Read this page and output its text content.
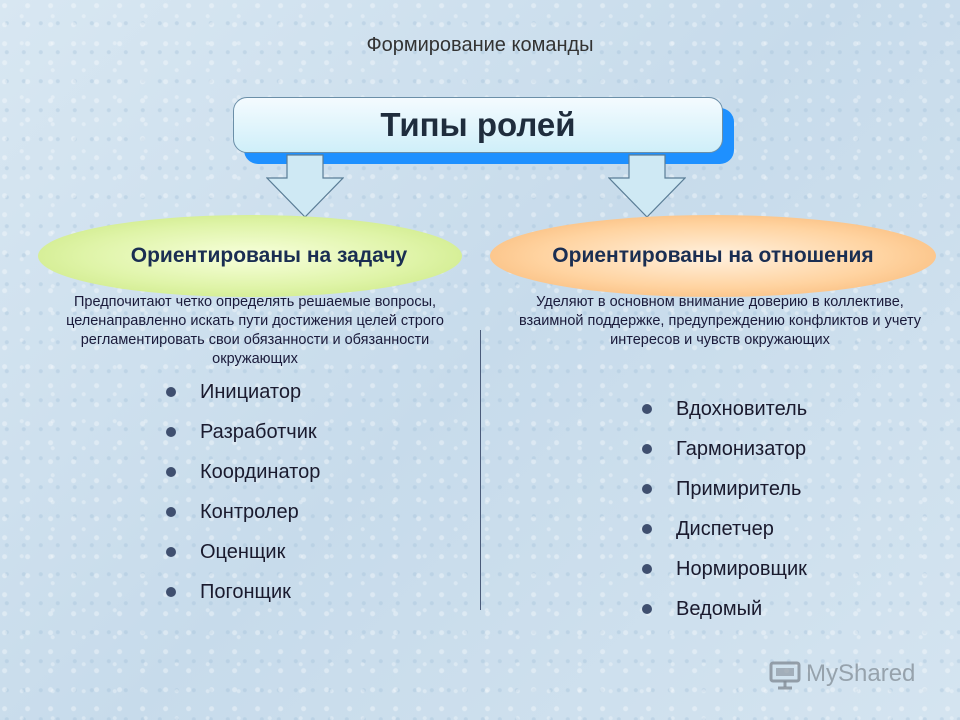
Формирование команды
Типы ролей
Ориентированы на задачу	Ориентированы на отношения
Предпочитают четко определять решаемые вопросы, целенаправленно искать пути достижения целей строго регламентировать свои обязанности и обязанности окружающих
Уделяют в основном внимание доверию в коллективе, взаимной поддержке, предупреждению конфликтов и учету интересов и чувств окружающих
Инициатор
Разработчик
Координатор
Контролер
Оценщик
Погонщик
Вдохновитель
Гармонизатор
Примиритель
Диспетчер
Нормировщик
Ведомый
MyShared
